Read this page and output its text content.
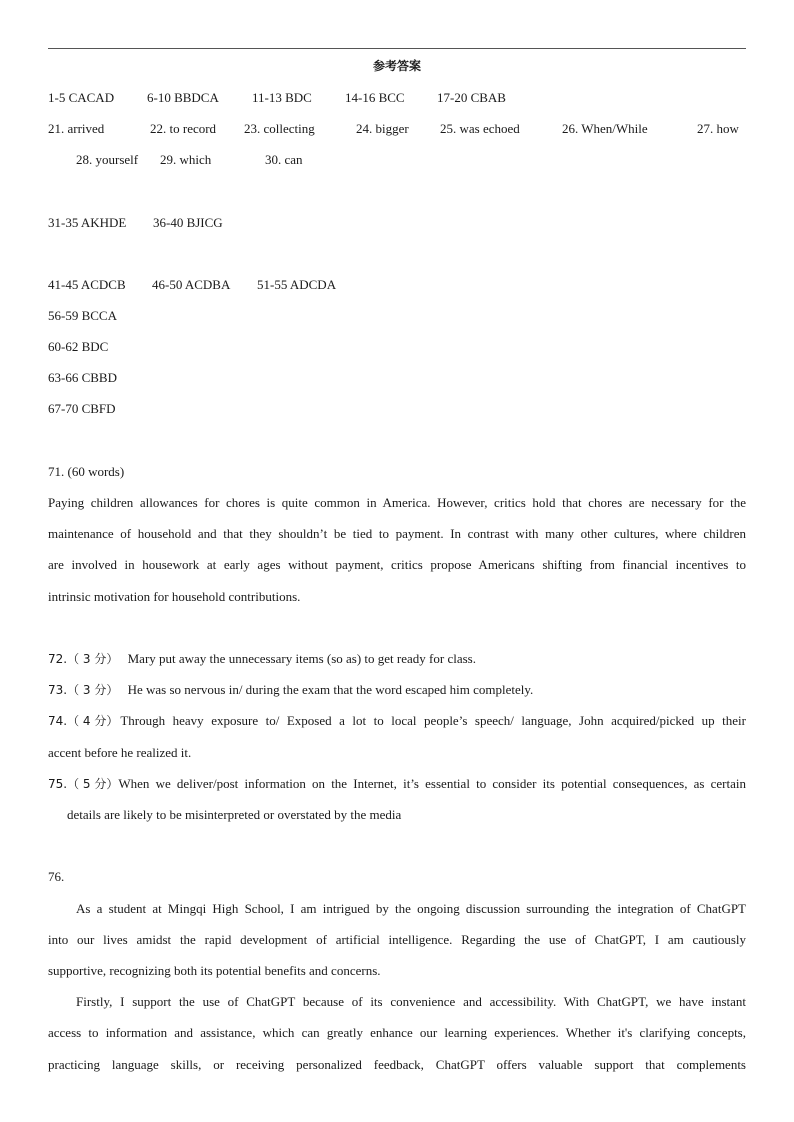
参考答案
1-5 CACAD	6-10 BBDCA	11-13 BDC	14-16 BCC 17-20 CBAB
21. arrived	22. to record 23. collecting	24. bigger 25. was echoed	26. When/While	27. how
28. yourself 29. which	30. can
31-35 AKHDE 36-40 BJICG
41-45 ACDCB 46-50 ACDBA 51-55 ADCDA
56-59 BCCA
60-62 BDC
63-66 CBBD
67-70 CBFD
71. (60 words)
Paying children allowances for chores is quite common in America. However, critics hold that chores are necessary for the
maintenance of household and that they shouldn’t be tied to payment. In contrast with many other cultures, where children
are involved in housework at early ages without payment, critics propose Americans shifting from financial incentives to
intrinsic motivation for household contributions.
72.（ 3 分） Mary put away the unnecessary items (so as) to get ready for class.
73.（ 3 分） He was so nervous in/ during the exam that the word escaped him completely.
74.（ 4 分） Through heavy exposure to/ Exposed a lot to local people’s speech/ language, John acquired/picked up their
accent before he realized it.
75.（ 5 分） When we deliver/post information on the Internet, it’s essential to consider its potential consequences, as certain
details are likely to be misinterpreted or overstated by the media
76.
As a student at Mingqi High School, I am intrigued by the ongoing discussion surrounding the integration of ChatGPT
into our lives amidst the rapid development of artificial intelligence. Regarding the use of ChatGPT, I am cautiously
supportive, recognizing both its potential benefits and concerns.
Firstly, I support the use of ChatGPT because of its convenience and accessibility. With ChatGPT, we have instant
access to information and assistance, which can greatly enhance our learning experiences. Whether it's clarifying concepts,
practicing language skills, or receiving personalized feedback, ChatGPT offers valuable support that complements
